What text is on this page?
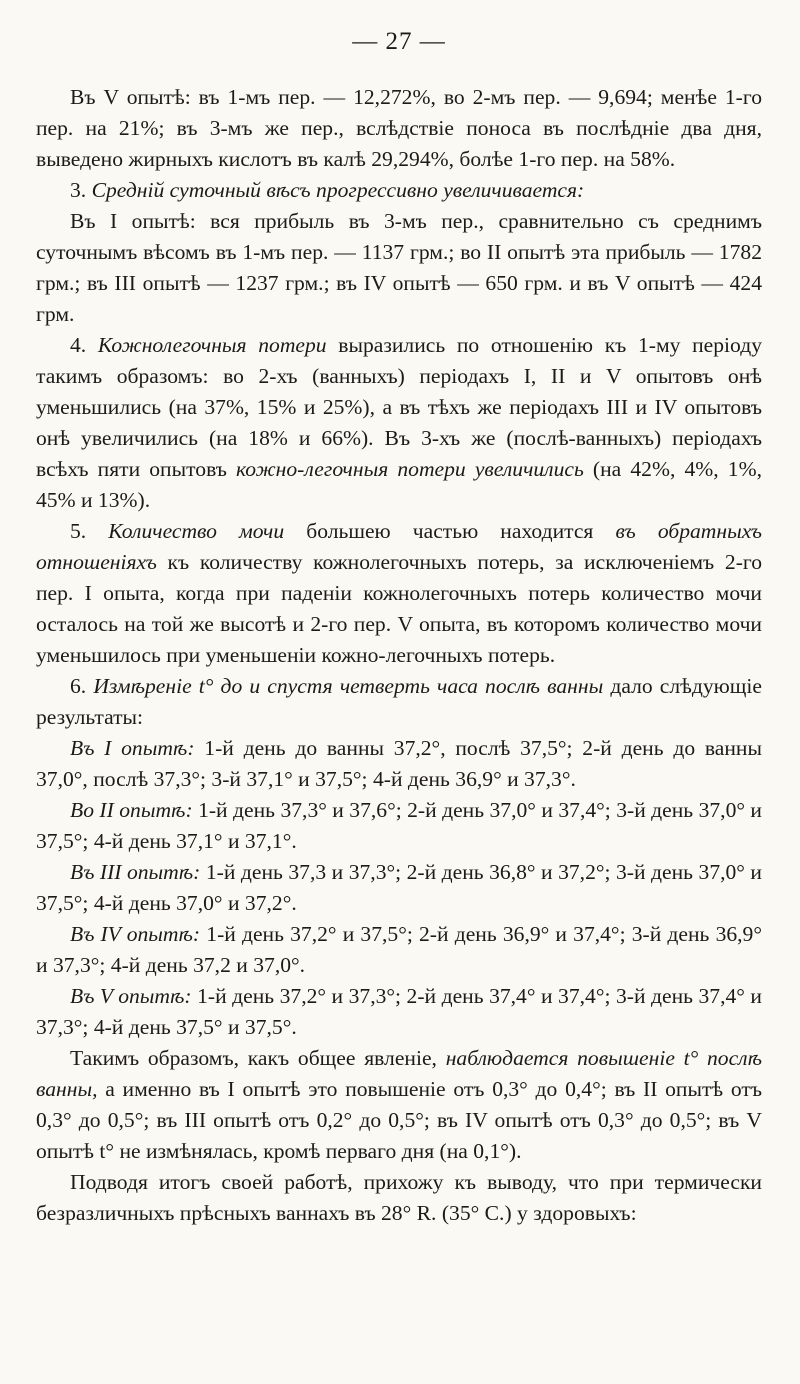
— 27 —

Въ V опытѣ: въ 1-мъ пер. — 12,272%, во 2-мъ пер. — 9,694; менѣе 1-го пер. на 21%; въ 3-мъ же пер., вслѣдствіе поноса въ послѣдніе два дня, выведено жирныхъ кислотъ въ калѣ 29,294%, болѣе 1-го пер. на 58%.

3. Средній суточный вѣсъ прогрессивно увеличивается:

Въ I опытѣ: вся прибыль въ 3-мъ пер., сравнительно съ среднимъ суточнымъ вѣсомъ въ 1-мъ пер. — 1137 грм.; во II опытѣ эта прибыль — 1782 грм.; въ III опытѣ — 1237 грм.; въ IV опытѣ — 650 грм. и въ V опытѣ — 424 грм.

4. Кожнолегочныя потери выразились по отношенію къ 1-му періоду такимъ образомъ: во 2-хъ (ванныхъ) періодахъ I, II и V опытовъ онѣ уменьшились (на 37%, 15% и 25%), а въ тѣхъ же періодахъ III и IV опытовъ онѣ увеличились (на 18% и 66%). Въ 3-хъ же (послѣ-ванныхъ) періодахъ всѣхъ пяти опытовъ кожно-легочныя потери увеличились (на 42%, 4%, 1%, 45% и 13%).

5. Количество мочи большею частью находится въ обратныхъ отношеніяхъ къ количеству кожнолегочныхъ потерь, за исключеніемъ 2-го пер. I опыта, когда при паденіи кожнолегочныхъ потерь количество мочи осталось на той же высотѣ и 2-го пер. V опыта, въ которомъ количество мочи уменьшилось при уменьшеніи кожно-легочныхъ потерь.

6. Измѣреніе t° до и спустя четверть часа послѣ ванны дало слѣдующіе результаты:

Въ I опытѣ: 1-й день до ванны 37,2°, послѣ 37,5°; 2-й день до ванны 37,0°, послѣ 37,3°; 3-й 37,1° и 37,5°; 4-й день 36,9° и 37,3°.

Во II опытѣ: 1-й день 37,3° и 37,6°; 2-й день 37,0° и 37,4°; 3-й день 37,0° и 37,5°; 4-й день 37,1° и 37,1°.

Въ III опытѣ: 1-й день 37,3 и 37,3°; 2-й день 36,8° и 37,2°; 3-й день 37,0° и 37,5°; 4-й день 37,0° и 37,2°.

Въ IV опытѣ: 1-й день 37,2° и 37,5°; 2-й день 36,9° и 37,4°; 3-й день 36,9° и 37,3°; 4-й день 37,2 и 37,0°.

Въ V опытѣ: 1-й день 37,2° и 37,3°; 2-й день 37,4° и 37,4°; 3-й день 37,4° и 37,3°; 4-й день 37,5° и 37,5°.

Такимъ образомъ, какъ общее явленіе, наблюдается повышеніе t° послѣ ванны, а именно въ I опытѣ это повышеніе отъ 0,3° до 0,4°; въ II опытѣ отъ 0,3° до 0,5°; въ III опытѣ отъ 0,2° до 0,5°; въ IV опытѣ отъ 0,3° до 0,5°; въ V опытѣ t° не измѣнялась, кромѣ перваго дня (на 0,1°).

Подводя итогъ своей работѣ, прихожу къ выводу, что при термически безразличныхъ прѣсныхъ ваннахъ въ 28° R. (35° C.) у здоровыхъ:
